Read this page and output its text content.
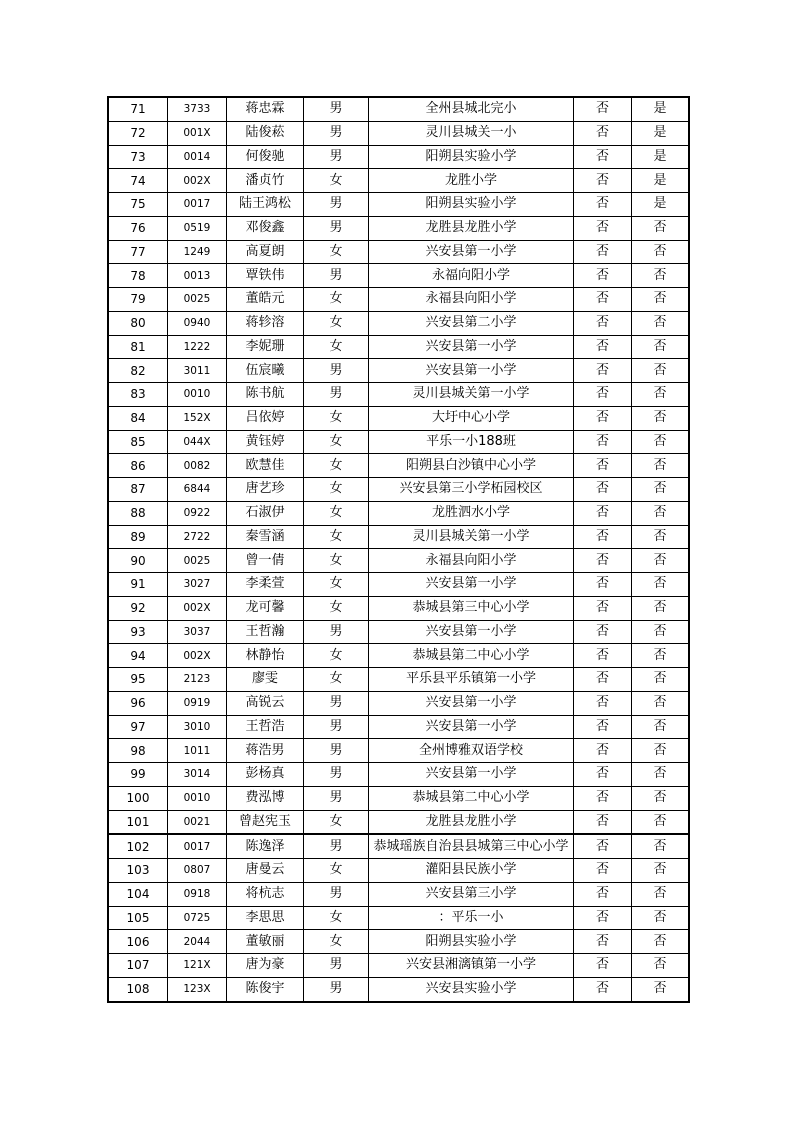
71	3733	蒋忠霖	男	全州县城北完小	否	是
72	001X	陆俊菘	男	灵川县城关一小	否	是
73	0014	何俊驰	男	阳朔县实验小学	否	是
74	002X	潘贞竹	女	龙胜小学	否	是
75	0017	陆王鸿松	男	阳朔县实验小学	否	是
76	0519	邓俊鑫	男	龙胜县龙胜小学	否	否
77	1249	高夏朗	女	兴安县第一小学	否	否
78	0013	覃铁伟	男	永福向阳小学	否	否
79	0025	董皓元	女	永福县向阳小学	否	否
80	0940	蒋轸溶	女	兴安县第二小学	否	否
81	1222	李妮珊	女	兴安县第一小学	否	否
82	3011	伍宸曦	男	兴安县第一小学	否	否
83	0010	陈书航	男	灵川县城关第一小学	否	否
84	152X	吕依婷	女	大圩中心小学	否	否
85	044X	黄钰婷	女	平乐一小188班	否	否
86	0082	欧慧佳	女	阳朔县白沙镇中心小学	否	否
87	6844	唐艺珍	女	兴安县第三小学柘园校区	否	否
88	0922	石淑伊	女	龙胜泗水小学	否	否
89	2722	秦雪涵	女	灵川县城关第一小学	否	否
90	0025	曾一倩	女	永福县向阳小学	否	否
91	3027	李柔萱	女	兴安县第一小学	否	否
92	002X	龙可馨	女	恭城县第三中心小学	否	否
93	3037	王哲瀚	男	兴安县第一小学	否	否
94	002X	林静怡	女	恭城县第二中心小学	否	否
95	2123	廖雯	女	平乐县平乐镇第一小学	否	否
96	0919	高锐云	男	兴安县第一小学	否	否
97	3010	王哲浩	男	兴安县第一小学	否	否
98	1011	蒋浩男	男	全州博雅双语学校	否	否
99	3014	彭杨真	男	兴安县第一小学	否	否
100	0010	费泓博	男	恭城县第二中心小学	否	否
101	0021	曾赵宪玉	女	龙胜县龙胜小学	否	否
102	0017	陈逸泽	男	恭城瑶族自治县县城第三中心小学	否	否
103	0807	唐曼云	女	灌阳县民族小学	否	否
104	0918	将杭志	男	兴安县第三小学	否	否
105	0725	李思思	女	：平乐一小	否	否
106	2044	董敏丽	女	阳朔县实验小学	否	否
107	121X	唐为豪	男	兴安县湘漓镇第一小学	否	否
108	123X	陈俊宇	男	兴安县实验小学	否	否
